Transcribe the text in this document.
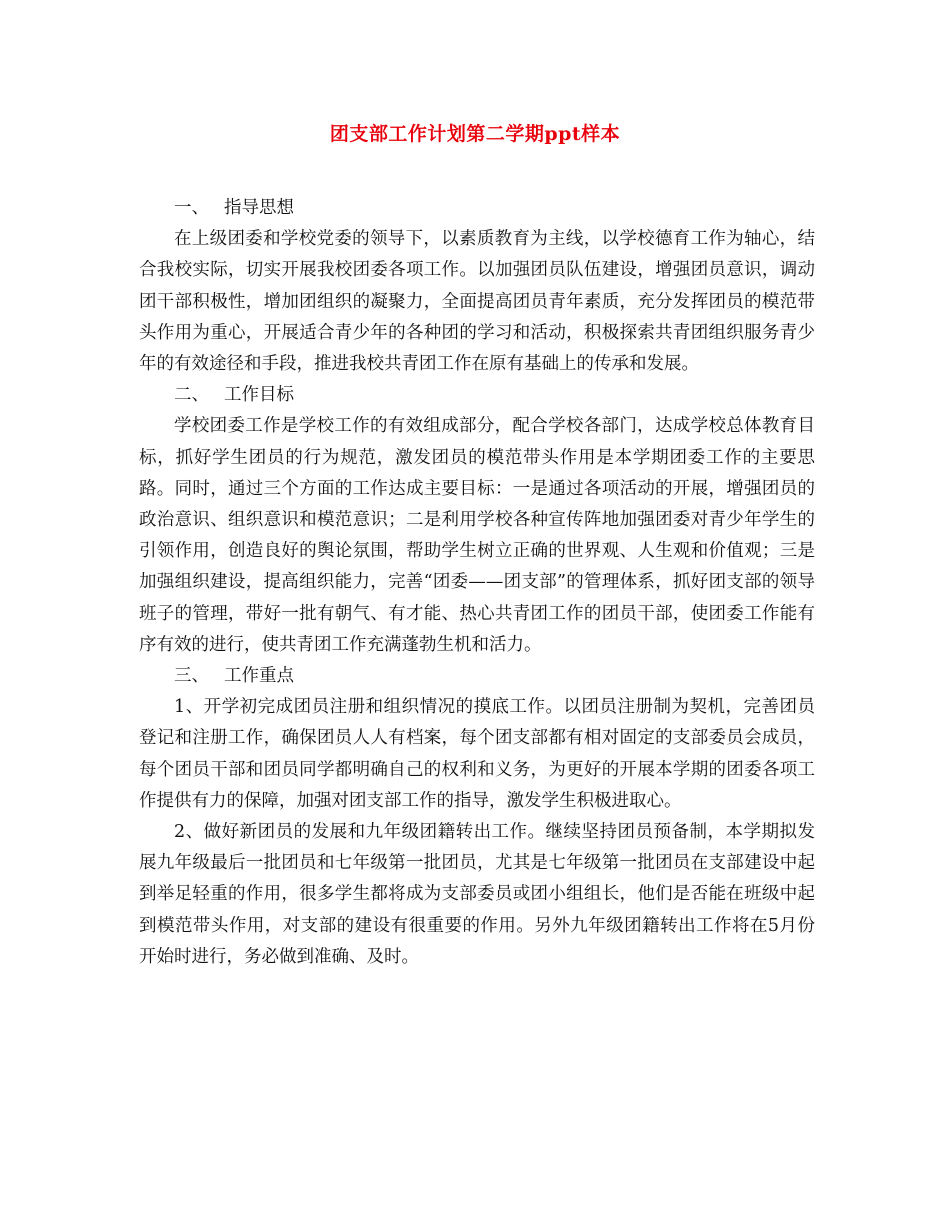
团支部工作计划第二学期ppt样本
一、 指导思想

在上级团委和学校党委的领导下，以素质教育为主线，以学校德育工作为轴心，结合我校实际，切实开展我校团委各项工作。以加强团员队伍建设，增强团员意识，调动团干部积极性，增加团组织的凝聚力，全面提高团员青年素质，充分发挥团员的模范带头作用为重心，开展适合青少年的各种团的学习和活动，积极探索共青团组织服务青少年的有效途径和手段，推进我校共青团工作在原有基础上的传承和发展。

二、 工作目标

学校团委工作是学校工作的有效组成部分，配合学校各部门，达成学校总体教育目标，抓好学生团员的行为规范，激发团员的模范带头作用是本学期团委工作的主要思路。同时，通过三个方面的工作达成主要目标：一是通过各项活动的开展，增强团员的政治意识、组织意识和模范意识；二是利用学校各种宣传阵地加强团委对青少年学生的引领作用，创造良好的舆论氛围，帮助学生树立正确的世界观、人生观和价值观；三是加强组织建设，提高组织能力，完善“团委——团支部”的管理体系，抓好团支部的领导班子的管理，带好一批有朝气、有才能、热心共青团工作的团员干部，使团委工作能有序有效的进行，使共青团工作充满蓬勃生机和活力。

三、 工作重点

1、开学初完成团员注册和组织情况的摸底工作。以团员注册制为契机，完善团员登记和注册工作，确保团员人人有档案，每个团支部都有相对固定的支部委员会成员，每个团员干部和团员同学都明确自己的权利和义务，为更好的开展本学期的团委各项工作提供有力的保障，加强对团支部工作的指导，激发学生积极进取心。

2、做好新团员的发展和九年级团籍转出工作。继续坚持团员预备制，本学期拟发展九年级最后一批团员和七年级第一批团员，尤其是七年级第一批团员在支部建设中起到举足轻重的作用，很多学生都将成为支部委员或团小组组长，他们是否能在班级中起到模范带头作用，对支部的建设有很重要的作用。另外九年级团籍转出工作将在5月份开始时进行，务必做到准确、及时。
